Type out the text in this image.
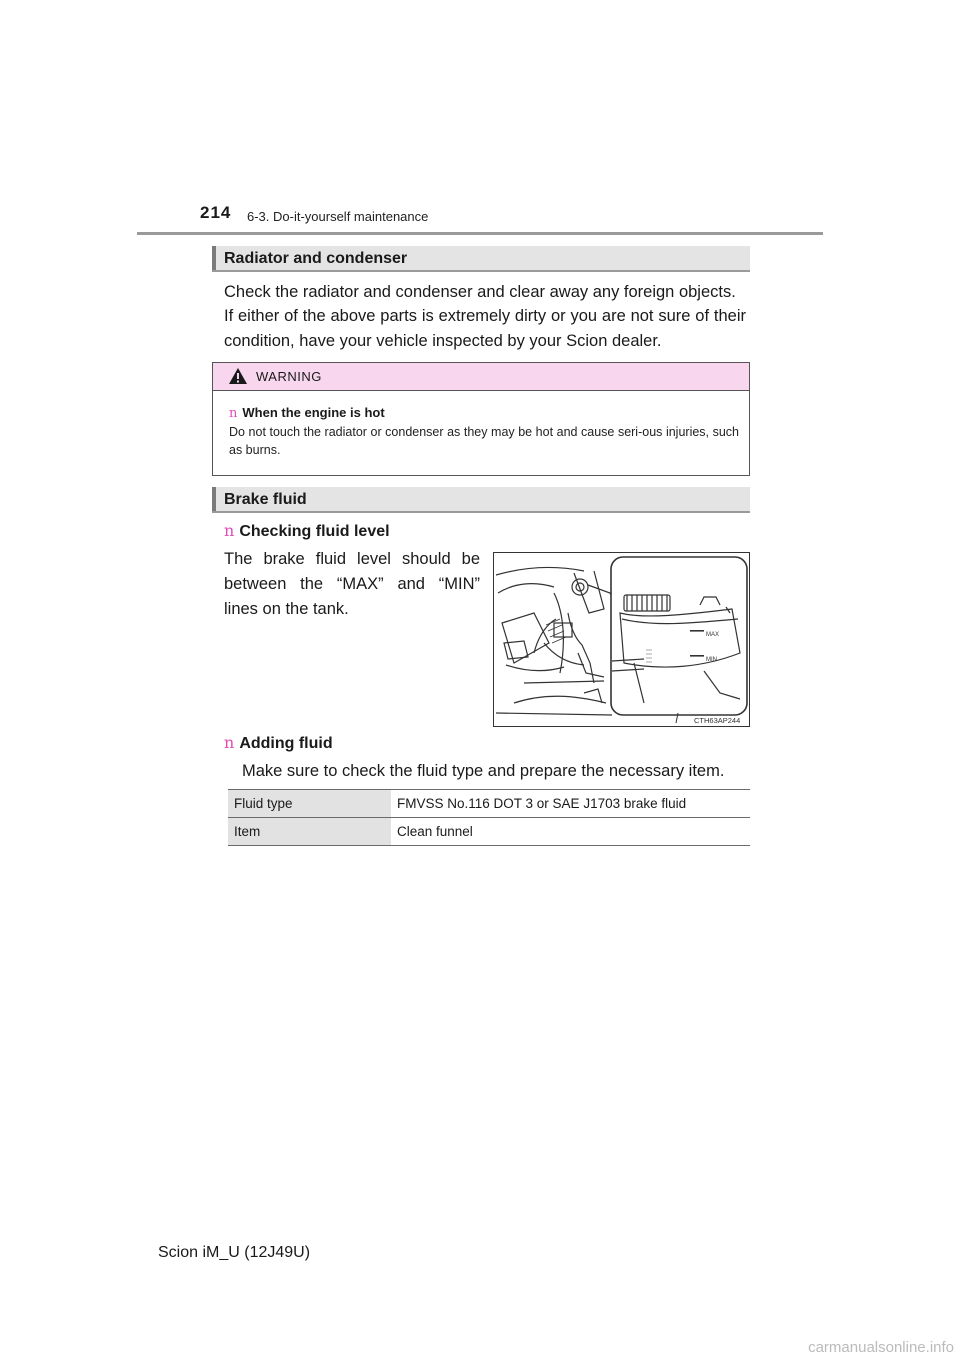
214 6-3. Do-it-yourself maintenance
Radiator and condenser
Check the radiator and condenser and clear away any foreign objects.
If either of the above parts is extremely dirty or you are not sure of their condition, have your vehicle inspected by your Scion dealer.
WARNING
n When the engine is hot
Do not touch the radiator or condenser as they may be hot and cause seri-ous injuries, such as burns.
Brake fluid
n Checking fluid level
The brake fluid level should be between the “MAX” and “MIN” lines on the tank.
MAX
MIN
CTH63AP244
n Adding fluid
Make sure to check the fluid type and prepare the necessary item.
Fluid type	FMVSS No.116 DOT 3 or SAE J1703 brake fluid
Item	Clean funnel
Scion iM_U (12J49U)
carmanualsonline.info
